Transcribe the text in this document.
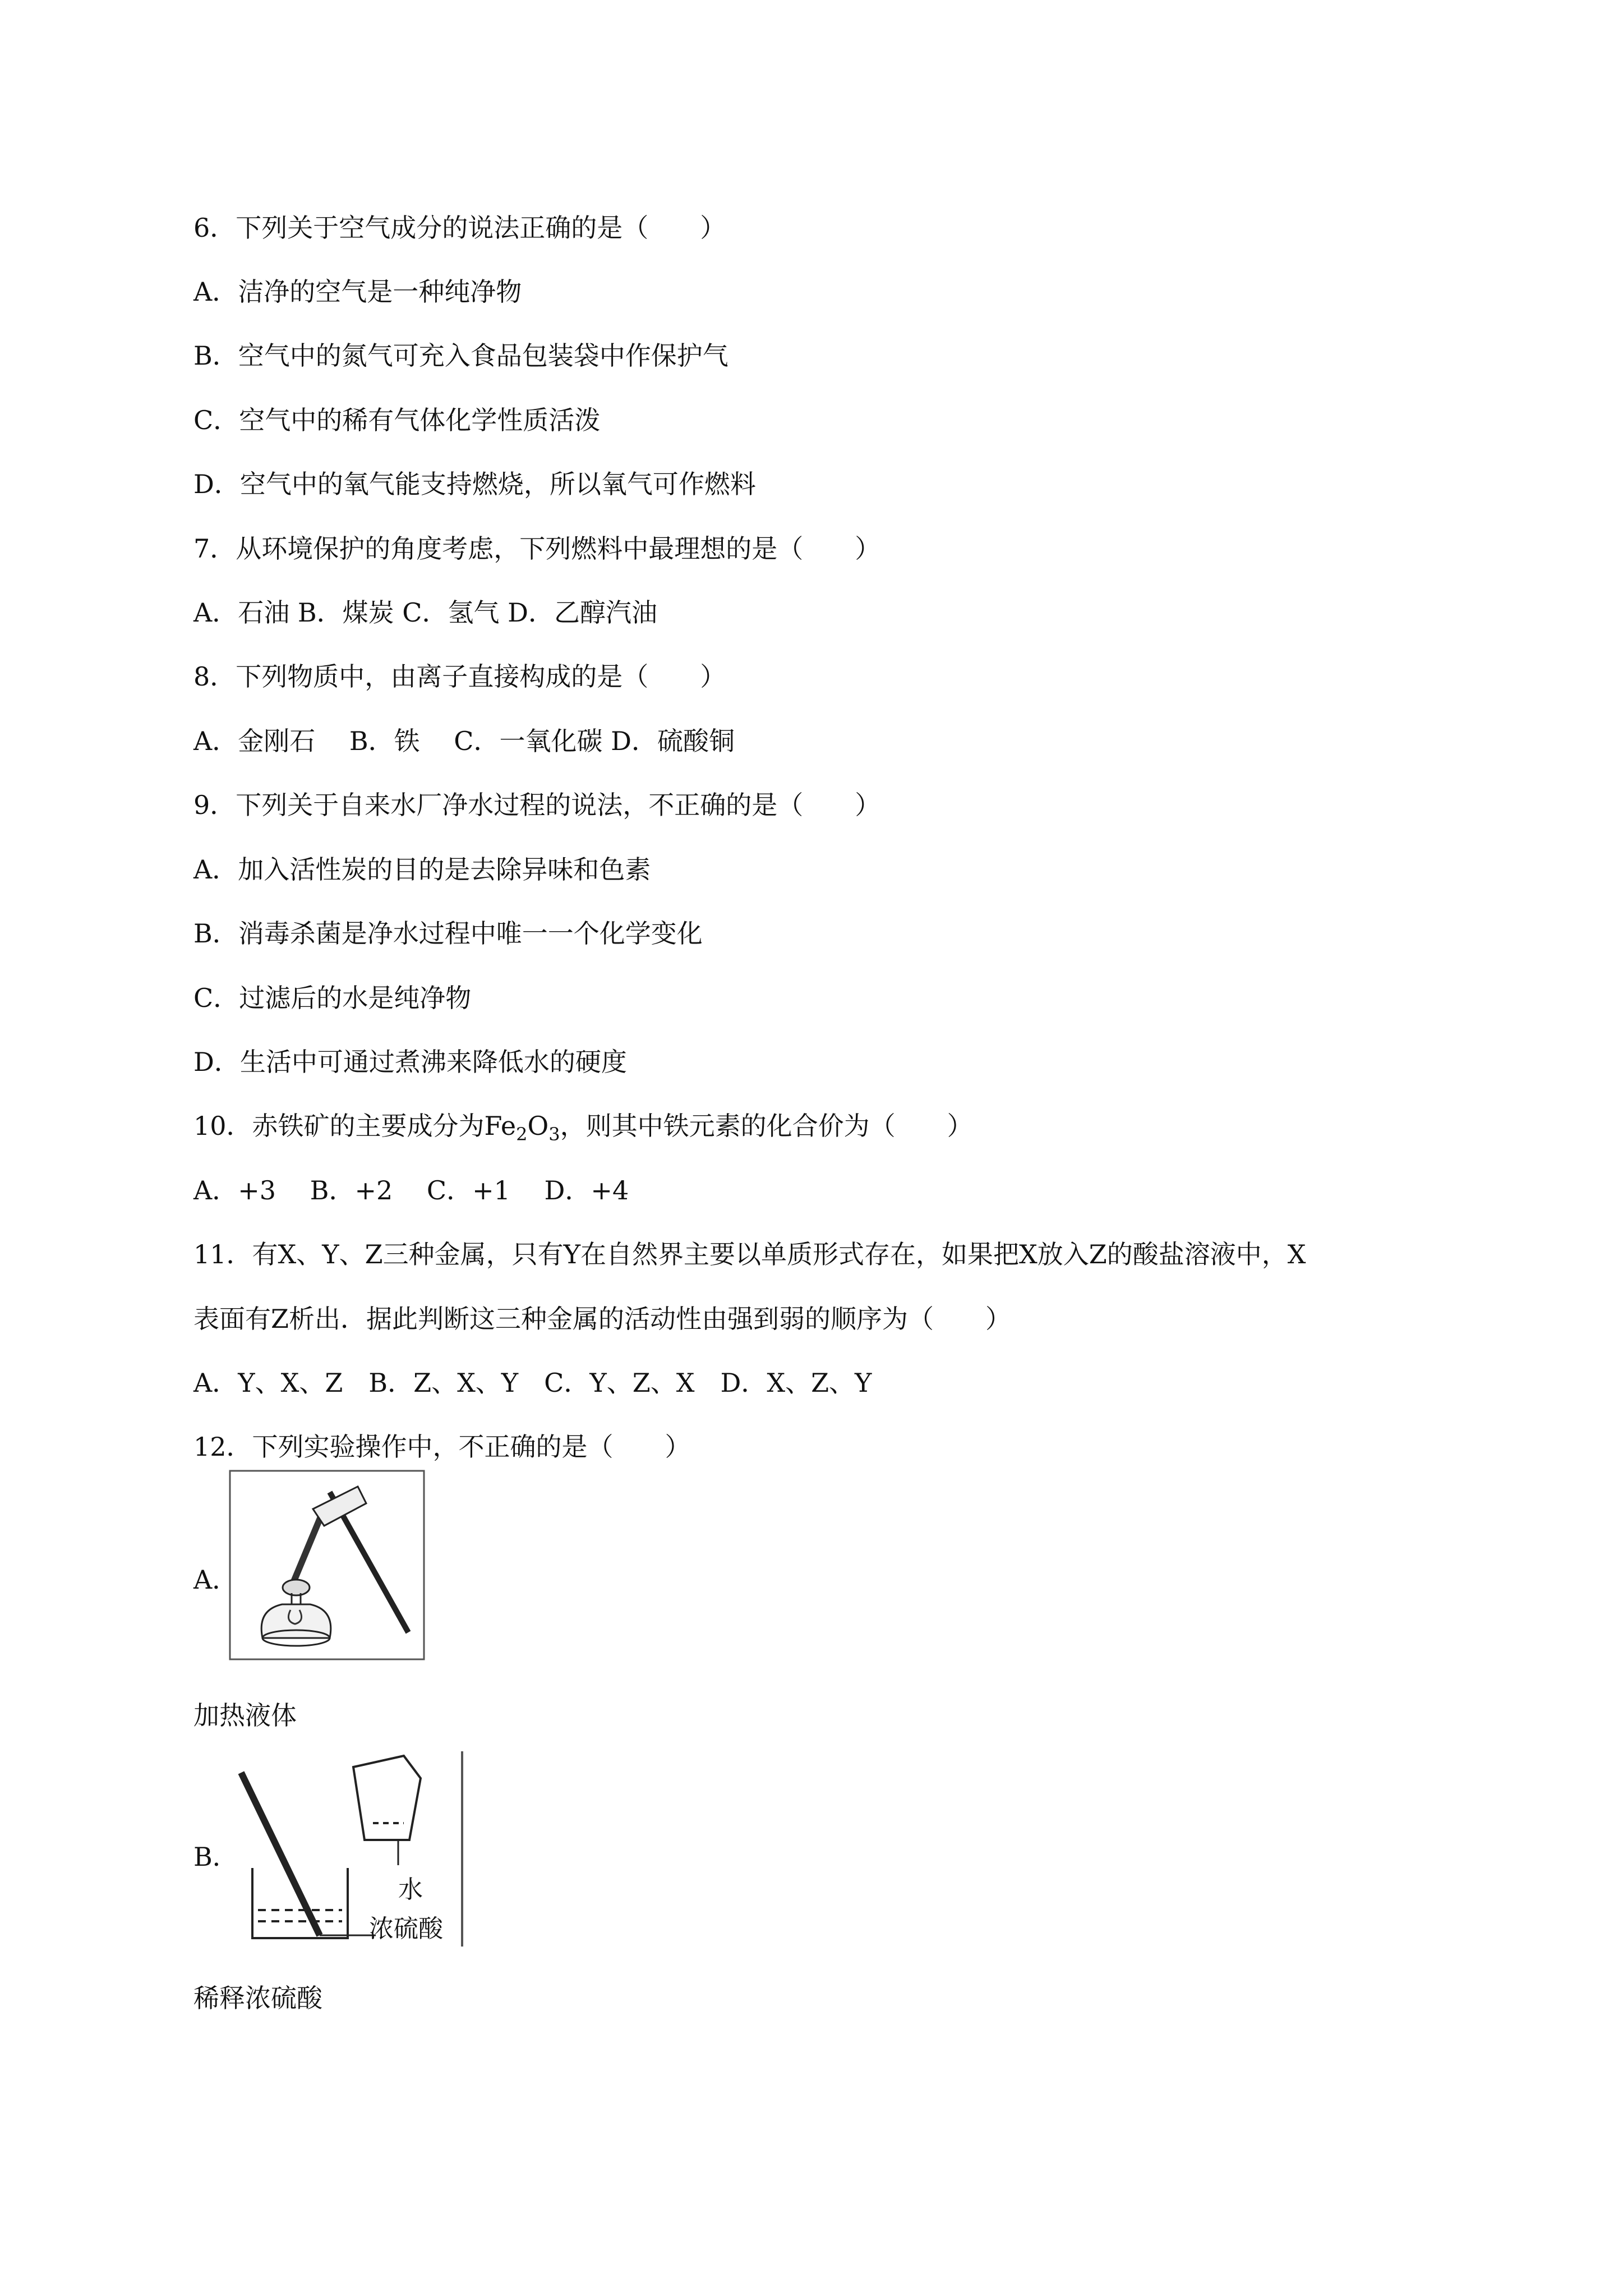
6．下列关于空气成分的说法正确的是（　　）
A．洁净的空气是一种纯净物
B．空气中的氮气可充入食品包装袋中作保护气
C．空气中的稀有气体化学性质活泼
D．空气中的氧气能支持燃烧，所以氧气可作燃料
7．从环境保护的角度考虑，下列燃料中最理想的是（　　）
A．石油 B．煤炭 C．氢气 D．乙醇汽油
8．下列物质中，由离子直接构成的是（　　）
A．金刚石　 B．铁　 C．一氧化碳 D．硫酸铜
9．下列关于自来水厂净水过程的说法，不正确的是（　　）
A．加入活性炭的目的是去除异味和色素
B．消毒杀菌是净水过程中唯一一个化学变化
C．过滤后的水是纯净物
D．生活中可通过煮沸来降低水的硬度
10．赤铁矿的主要成分为$Fe_2O_3$，则其中铁元素的化合价为（　　）
A．+3　 B．+2　 C．+1　 D．+4
11．有X、Y、Z三种金属，只有Y在自然界主要以单质形式存在，如果把X放入Z的酸盐溶液中，X
表面有Z析出．据此判断这三种金属的活动性由强到弱的顺序为（　　）
A．Y、X、Z　B．Z、X、Y　C．Y、Z、X　D．X、Z、Y
12．下列实验操作中，不正确的是（　　）
A．
加热液体
B．
水
浓硫酸
稀释浓硫酸
